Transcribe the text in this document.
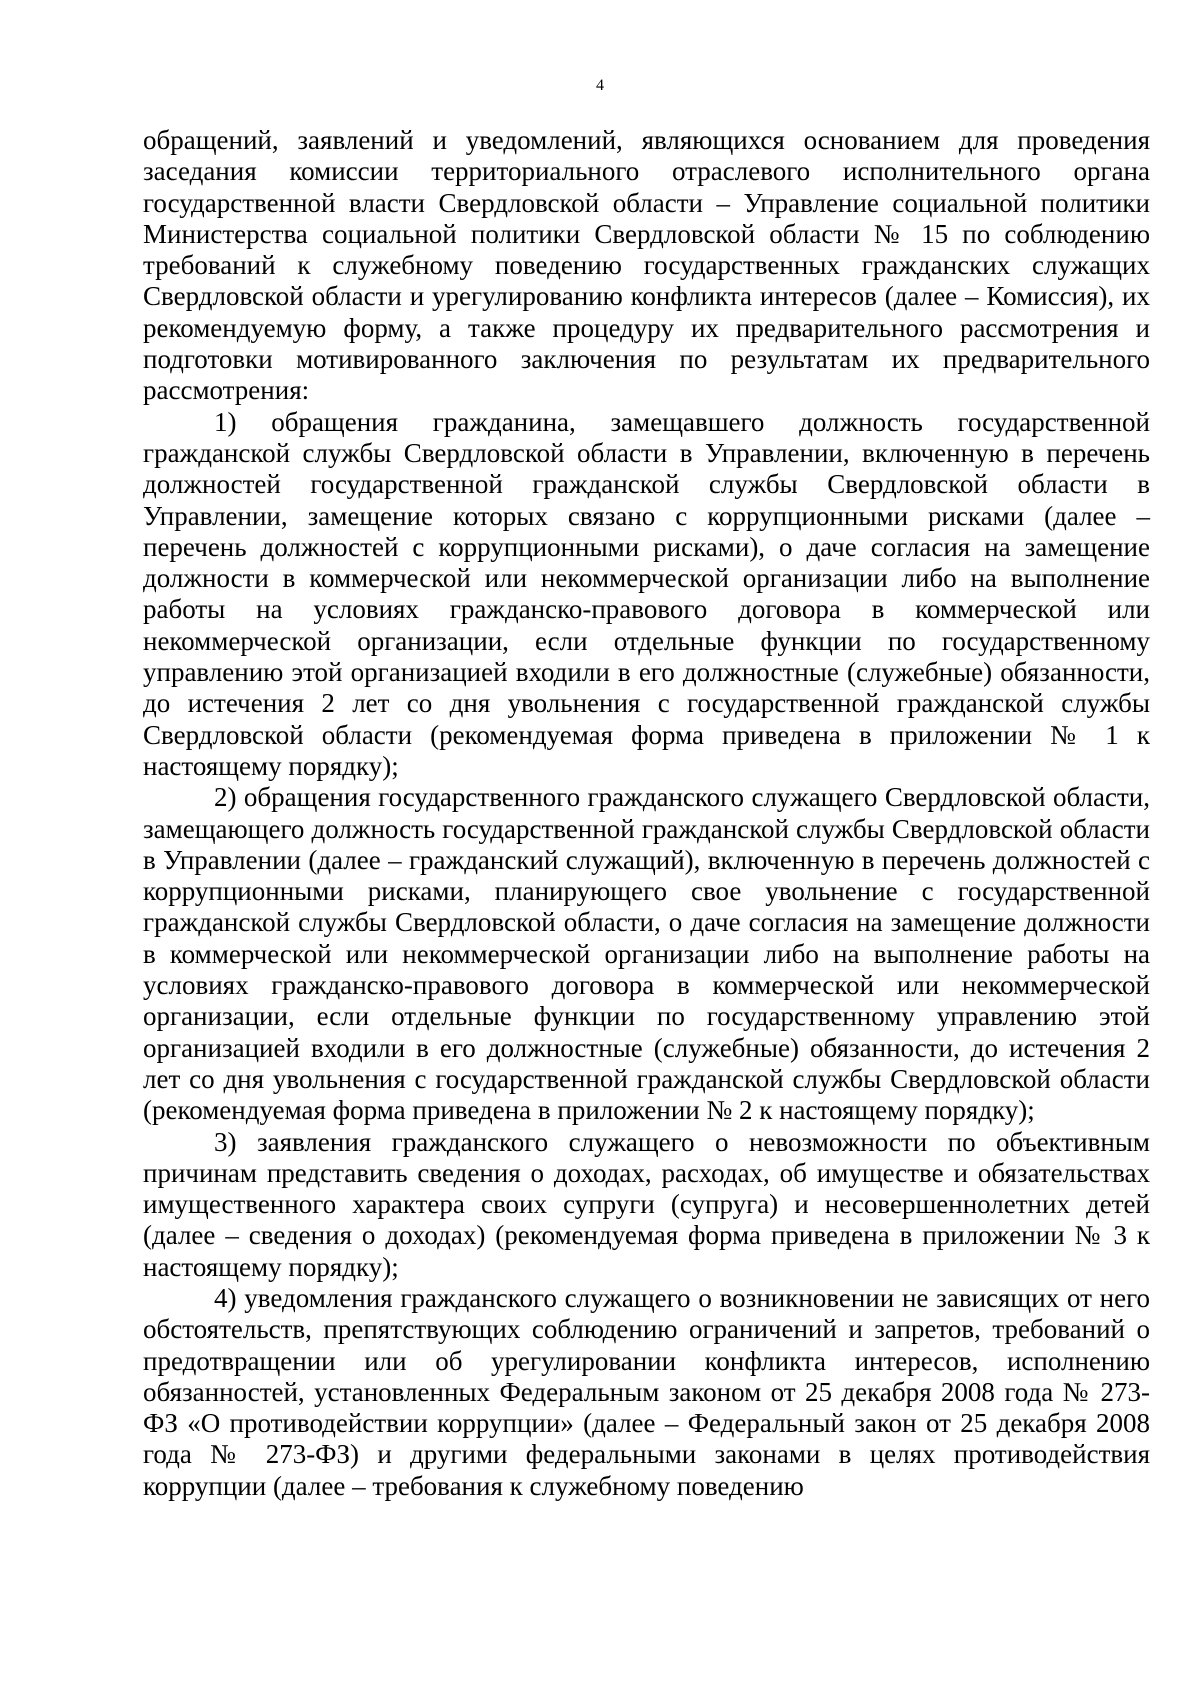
4

обращений, заявлений и уведомлений, являющихся основанием для проведения заседания комиссии территориального отраслевого исполнительного органа государственной власти Свердловской области – Управление социальной политики Министерства социальной политики Свердловской области № 15 по соблюдению требований к служебному поведению государственных гражданских служащих Свердловской области и урегулированию конфликта интересов (далее – Комиссия), их рекомендуемую форму, а также процедуру их предварительного рассмотрения и подготовки мотивированного заключения по результатам их предварительного рассмотрения:

1) обращения гражданина, замещавшего должность государственной гражданской службы Свердловской области в Управлении, включенную в перечень должностей государственной гражданской службы Свердловской области в Управлении, замещение которых связано с коррупционными рисками (далее – перечень должностей с коррупционными рисками), о даче согласия на замещение должности в коммерческой или некоммерческой организации либо на выполнение работы на условиях гражданско-правового договора в коммерческой или некоммерческой организации, если отдельные функции по государственному управлению этой организацией входили в его должностные (служебные) обязанности, до истечения 2 лет со дня увольнения с государственной гражданской службы Свердловской области (рекомендуемая форма приведена в приложении № 1 к настоящему порядку);

2) обращения государственного гражданского служащего Свердловской области, замещающего должность государственной гражданской службы Свердловской области в Управлении (далее – гражданский служащий), включенную в перечень должностей с коррупционными рисками, планирующего свое увольнение с государственной гражданской службы Свердловской области, о даче согласия на замещение должности в коммерческой или некоммерческой организации либо на выполнение работы на условиях гражданско-правового договора в коммерческой или некоммерческой организации, если отдельные функции по государственному управлению этой организацией входили в его должностные (служебные) обязанности, до истечения 2 лет со дня увольнения с государственной гражданской службы Свердловской области (рекомендуемая форма приведена в приложении № 2 к настоящему порядку);

3) заявления гражданского служащего о невозможности по объективным причинам представить сведения о доходах, расходах, об имуществе и обязательствах имущественного характера своих супруги (супруга) и несовершеннолетних детей (далее – сведения о доходах) (рекомендуемая форма приведена в приложении № 3 к настоящему порядку);

4) уведомления гражданского служащего о возникновении не зависящих от него обстоятельств, препятствующих соблюдению ограничений и запретов, требований о предотвращении или об урегулировании конфликта интересов, исполнению обязанностей, установленных Федеральным законом от 25 декабря 2008 года № 273-ФЗ «О противодействии коррупции» (далее – Федеральный закон от 25 декабря 2008 года № 273-ФЗ) и другими федеральными законами в целях противодействия коррупции (далее – требования к служебному поведению
